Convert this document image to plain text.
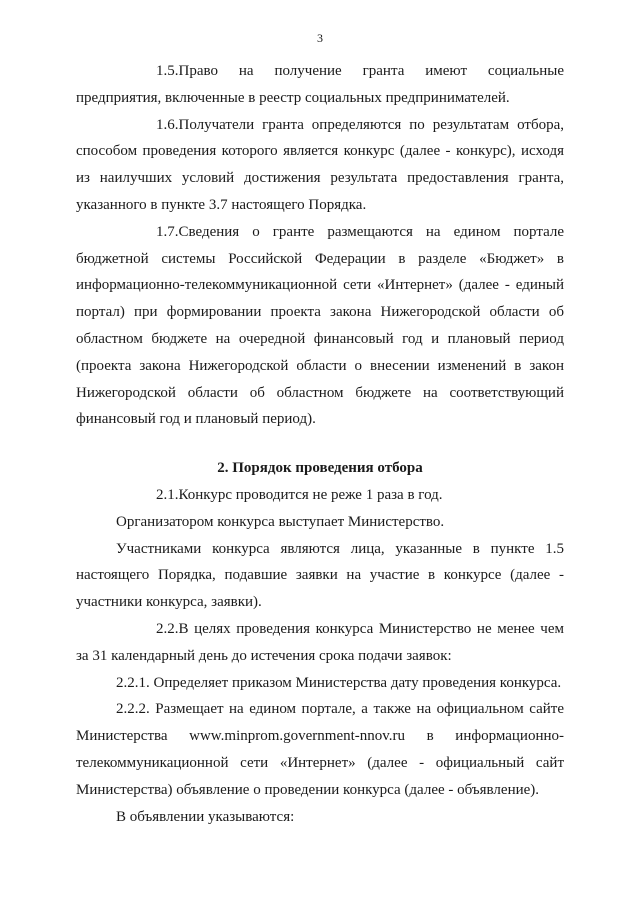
3

1.5.Право на получение гранта имеют социальные предприятия, включенные в реестр социальных предпринимателей.

1.6.Получатели гранта определяются по результатам отбора, способом проведения которого является конкурс (далее - конкурс), исходя из наилучших условий достижения результата предоставления гранта, указанного в пункте 3.7 настоящего Порядка.

1.7.Сведения о гранте размещаются на едином портале бюджетной системы Российской Федерации в разделе «Бюджет» в информационно-телекоммуникационной сети «Интернет» (далее - единый портал) при формировании проекта закона Нижегородской области об областном бюджете на очередной финансовый год и плановый период (проекта закона Нижегородской области о внесении изменений в закон Нижегородской области об областном бюджете на соответствующий финансовый год и плановый период).

2. Порядок проведения отбора

2.1.Конкурс проводится не реже 1 раза в год.

Организатором конкурса выступает Министерство.

Участниками конкурса являются лица, указанные в пункте 1.5 настоящего Порядка, подавшие заявки на участие в конкурсе (далее - участники конкурса, заявки).

2.2.В целях проведения конкурса Министерство не менее чем за 31 календарный день до истечения срока подачи заявок:

2.2.1. Определяет приказом Министерства дату проведения конкурса.

2.2.2. Размещает на едином портале, а также на официальном сайте

Министерства www.minprom.government-nnov.ru в информационно-

телекоммуникационной сети «Интернет» (далее - официальный сайт Министерства) объявление о проведении конкурса (далее - объявление).

В объявлении указываются:
